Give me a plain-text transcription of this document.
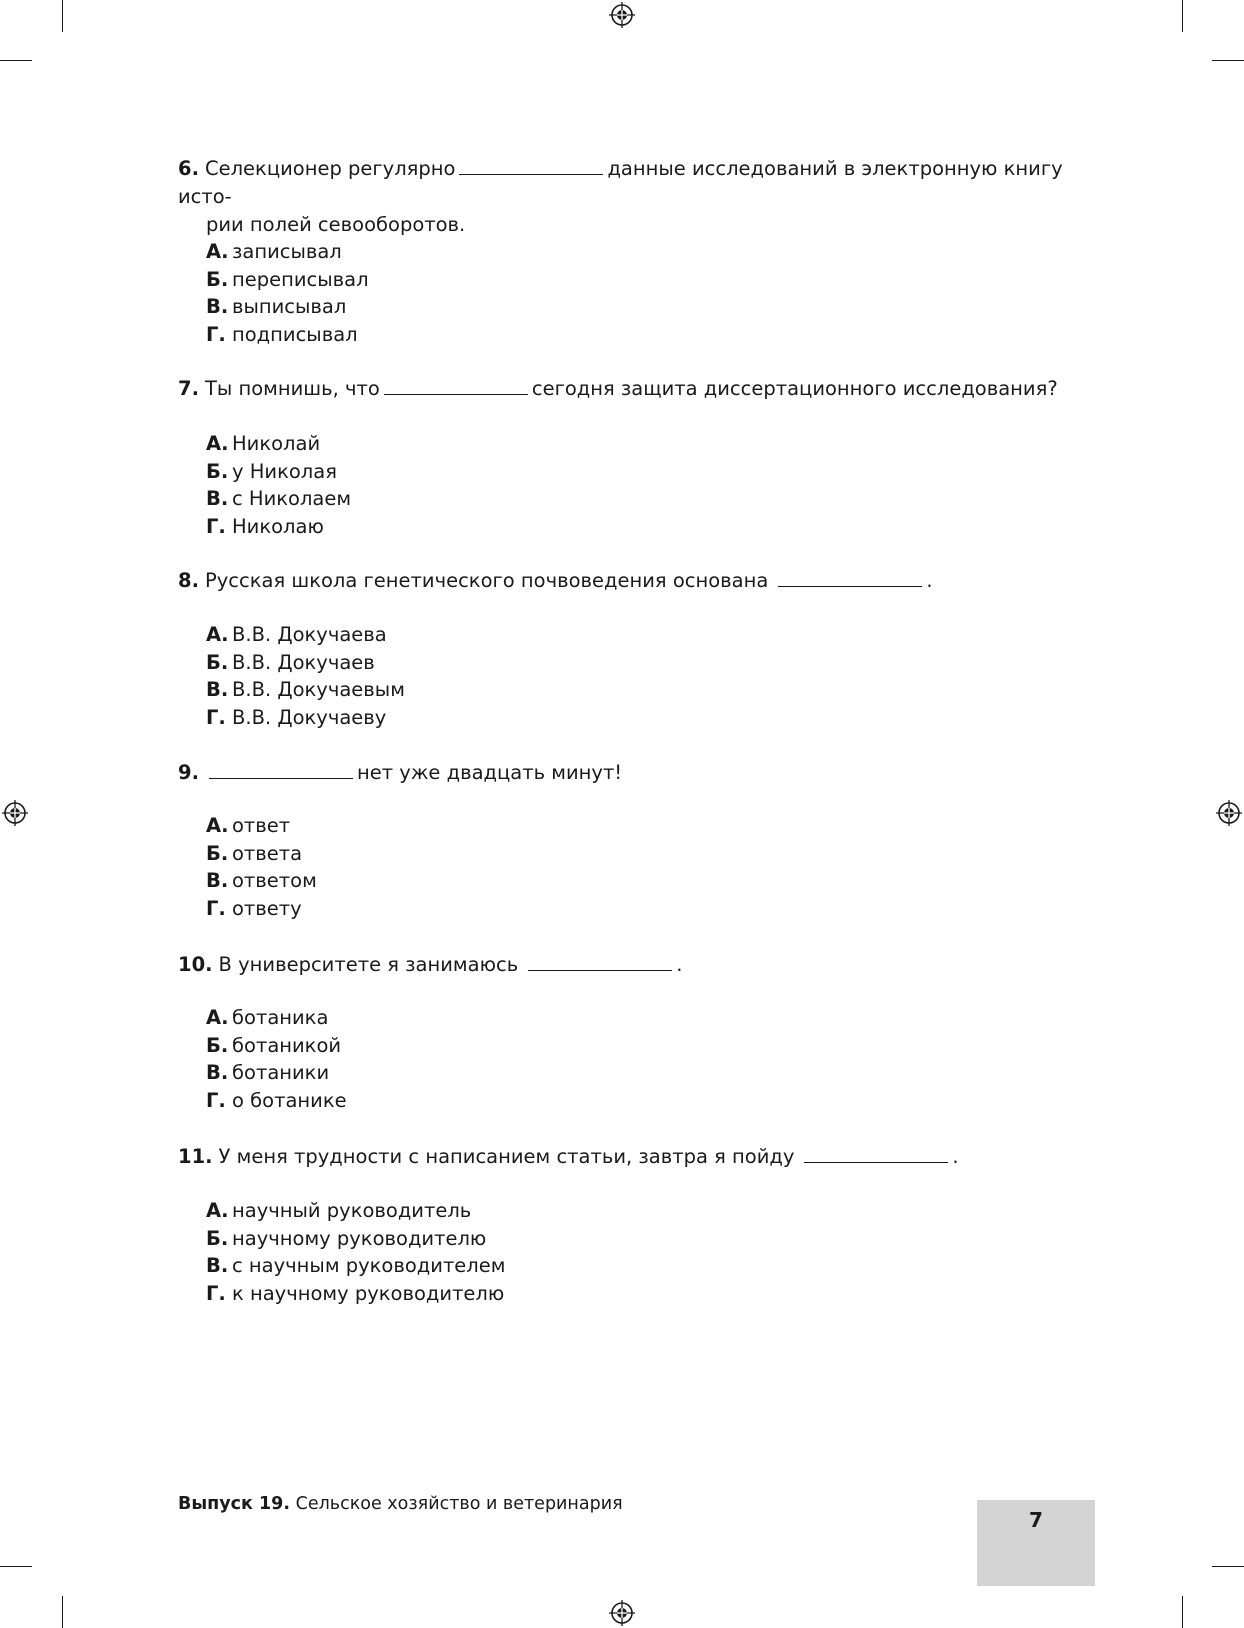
6. Селекционер регулярно	данные исследований в электронную книгу исто-
рии полей севооборотов.
А. записывал
Б. переписывал
В. выписывал
Г. подписывал
7. Ты помнишь, что	сегодня защита диссертационного исследования?
А. Николай
Б. у Николая
В. с Николаем
Г. Николаю
8. Русская школа генетического почвоведения основана	.
А. В.В. Докучаева
Б. В.В. Докучаев
В. В.В. Докучаевым
Г. В.В. Докучаеву
9.	нет уже двадцать минут!
А. ответ
Б. ответа
В. ответом
Г. ответу
10. В университете я занимаюсь	.
А. ботаника
Б. ботаникой
В. ботаники
Г. о ботанике
11. У меня трудности с написанием статьи, завтра я пойду	.
А. научный руководитель
Б. научному руководителю
В. с научным руководителем
Г. к научному руководителю
Выпуск 19. Сельское хозяйство и ветеринария
7
